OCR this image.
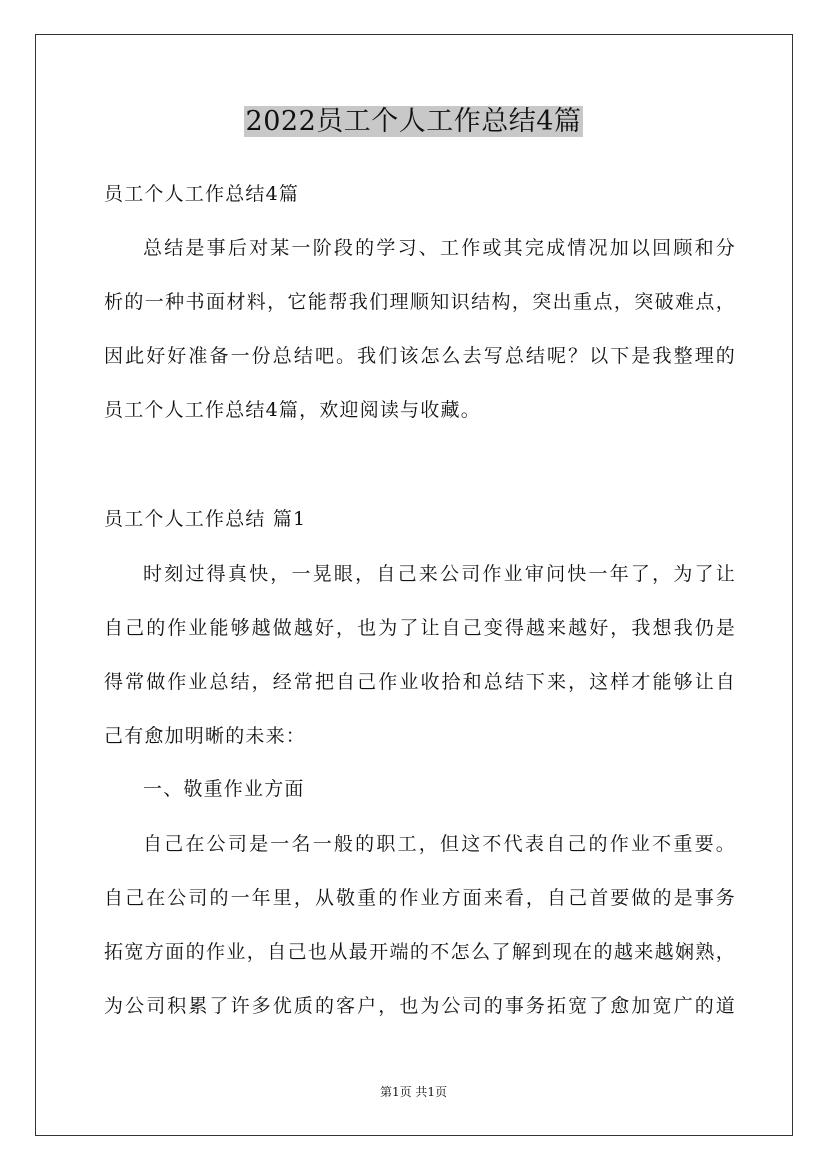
2022员工个人工作总结4篇
员工个人工作总结4篇
总结是事后对某一阶段的学习、工作或其完成情况加以回顾和分
析的一种书面材料，它能帮我们理顺知识结构，突出重点，突破难点，
因此好好准备一份总结吧。我们该怎么去写总结呢？以下是我整理的
员工个人工作总结4篇，欢迎阅读与收藏。
员工个人工作总结 篇1
时刻过得真快，一晃眼，自己来公司作业审问快一年了，为了让
自己的作业能够越做越好，也为了让自己变得越来越好，我想我仍是
得常做作业总结，经常把自己作业收拾和总结下来，这样才能够让自
己有愈加明晰的未来：
一、敬重作业方面
自己在公司是一名一般的职工，但这不代表自己的作业不重要。
自己在公司的一年里，从敬重的作业方面来看，自己首要做的是事务
拓宽方面的作业，自己也从最开端的不怎么了解到现在的越来越娴熟，
为公司积累了许多优质的客户，也为公司的事务拓宽了愈加宽广的道
第1页 共1页
